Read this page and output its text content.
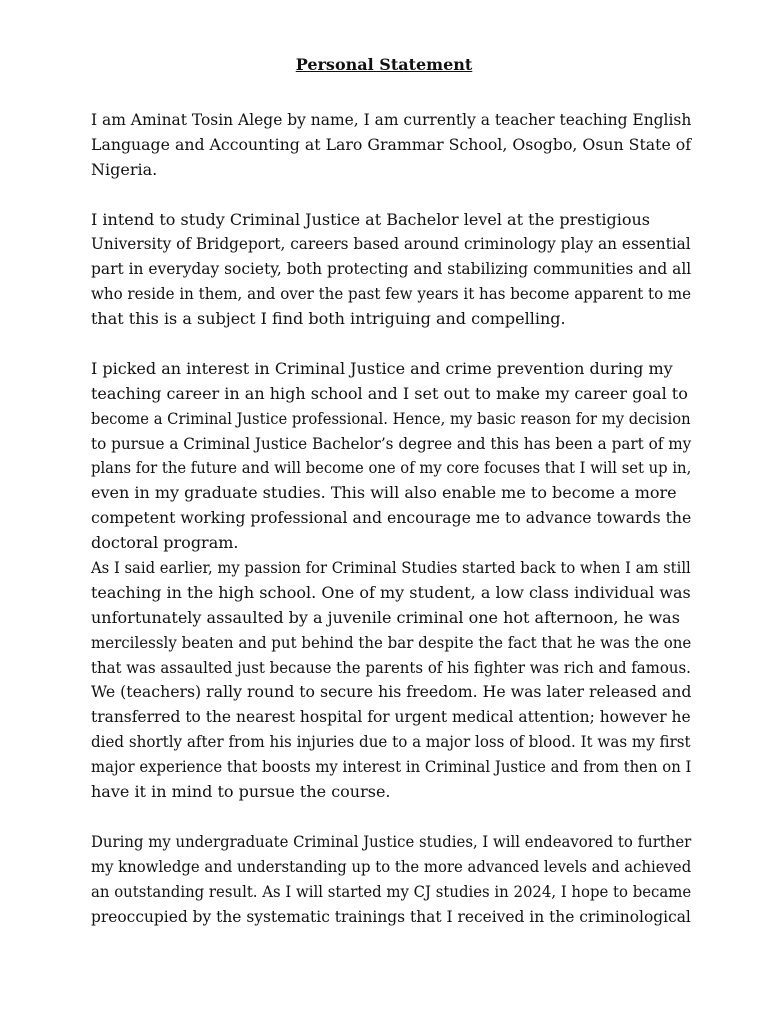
Personal Statement
I am Aminat Tosin Alege by name, I am currently a teacher teaching English
Language and Accounting at Laro Grammar School, Osogbo, Osun State of
Nigeria.
I intend to study Criminal Justice at Bachelor level at the prestigious
University of Bridgeport, careers based around criminology play an essential
part in everyday society, both protecting and stabilizing communities and all
who reside in them, and over the past few years it has become apparent to me
that this is a subject I find both intriguing and compelling.
I picked an interest in Criminal Justice and crime prevention during my
teaching career in an high school and I set out to make my career goal to
become a Criminal Justice professional. Hence, my basic reason for my decision
to pursue a Criminal Justice Bachelor’s degree and this has been a part of my
plans for the future and will become one of my core focuses that I will set up in,
even in my graduate studies. This will also enable me to become a more
competent working professional and encourage me to advance towards the
doctoral program.
As I said earlier, my passion for Criminal Studies started back to when I am still
teaching in the high school. One of my student, a low class individual was
unfortunately assaulted by a juvenile criminal one hot afternoon, he was
mercilessly beaten and put behind the bar despite the fact that he was the one
that was assaulted just because the parents of his fighter was rich and famous.
We (teachers) rally round to secure his freedom. He was later released and
transferred to the nearest hospital for urgent medical attention; however he
died shortly after from his injuries due to a major loss of blood. It was my first
major experience that boosts my interest in Criminal Justice and from then on I
have it in mind to pursue the course.
During my undergraduate Criminal Justice studies, I will endeavored to further
my knowledge and understanding up to the more advanced levels and achieved
an outstanding result. As I will started my CJ studies in 2024, I hope to became
preoccupied by the systematic trainings that I received in the criminological
